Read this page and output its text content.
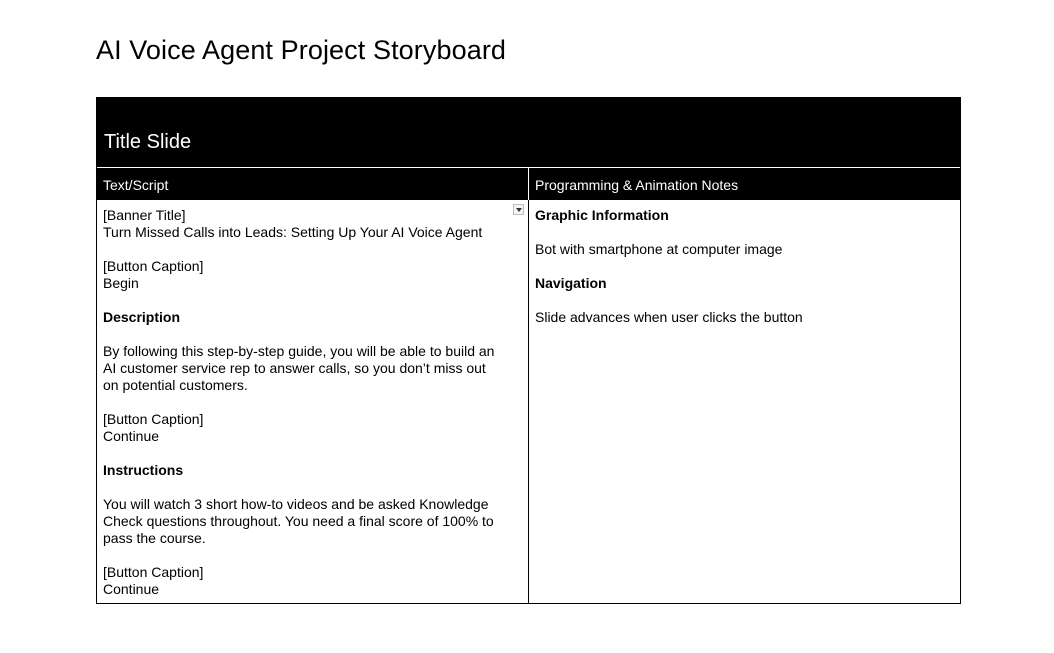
AI Voice Agent Project Storyboard
Title Slide
Text/Script	Programming & Animation Notes
[Banner Title]
Turn Missed Calls into Leads: Setting Up Your AI Voice Agent
[Button Caption]
Begin
Description
By following this step-by-step guide, you will be able to build an
AI customer service rep to answer calls, so you don’t miss out
on potential customers.
[Button Caption]
Continue
Instructions
You will watch 3 short how-to videos and be asked Knowledge
Check questions throughout. You need a final score of 100% to
pass the course.
[Button Caption]
Continue
Graphic Information
Bot with smartphone at computer image
Navigation
Slide advances when user clicks the button
